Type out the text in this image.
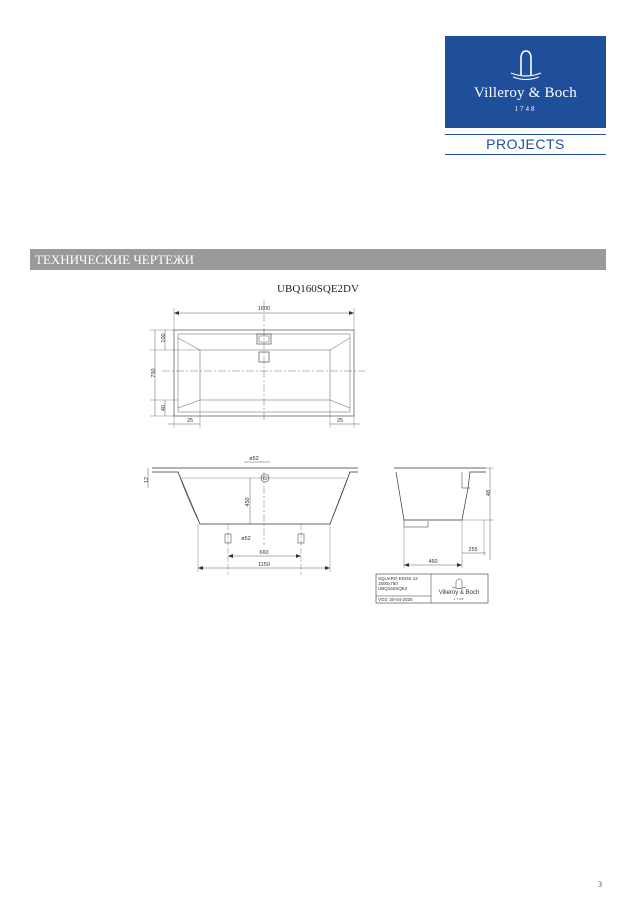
Villeroy & Boch
1748
PROJECTS
ТЕХНИЧЕСКИЕ ЧЕРТЕЖИ
UBQ160SQE2DV
1600
750
100
40
25	25
ø52
12
450
ø52
660
1150
48
255
460
SQUARO EDGE 12
1600x750
UBQ160SQE2
VO2: 20-04-2020
Villeroy & Boch
1748
3
